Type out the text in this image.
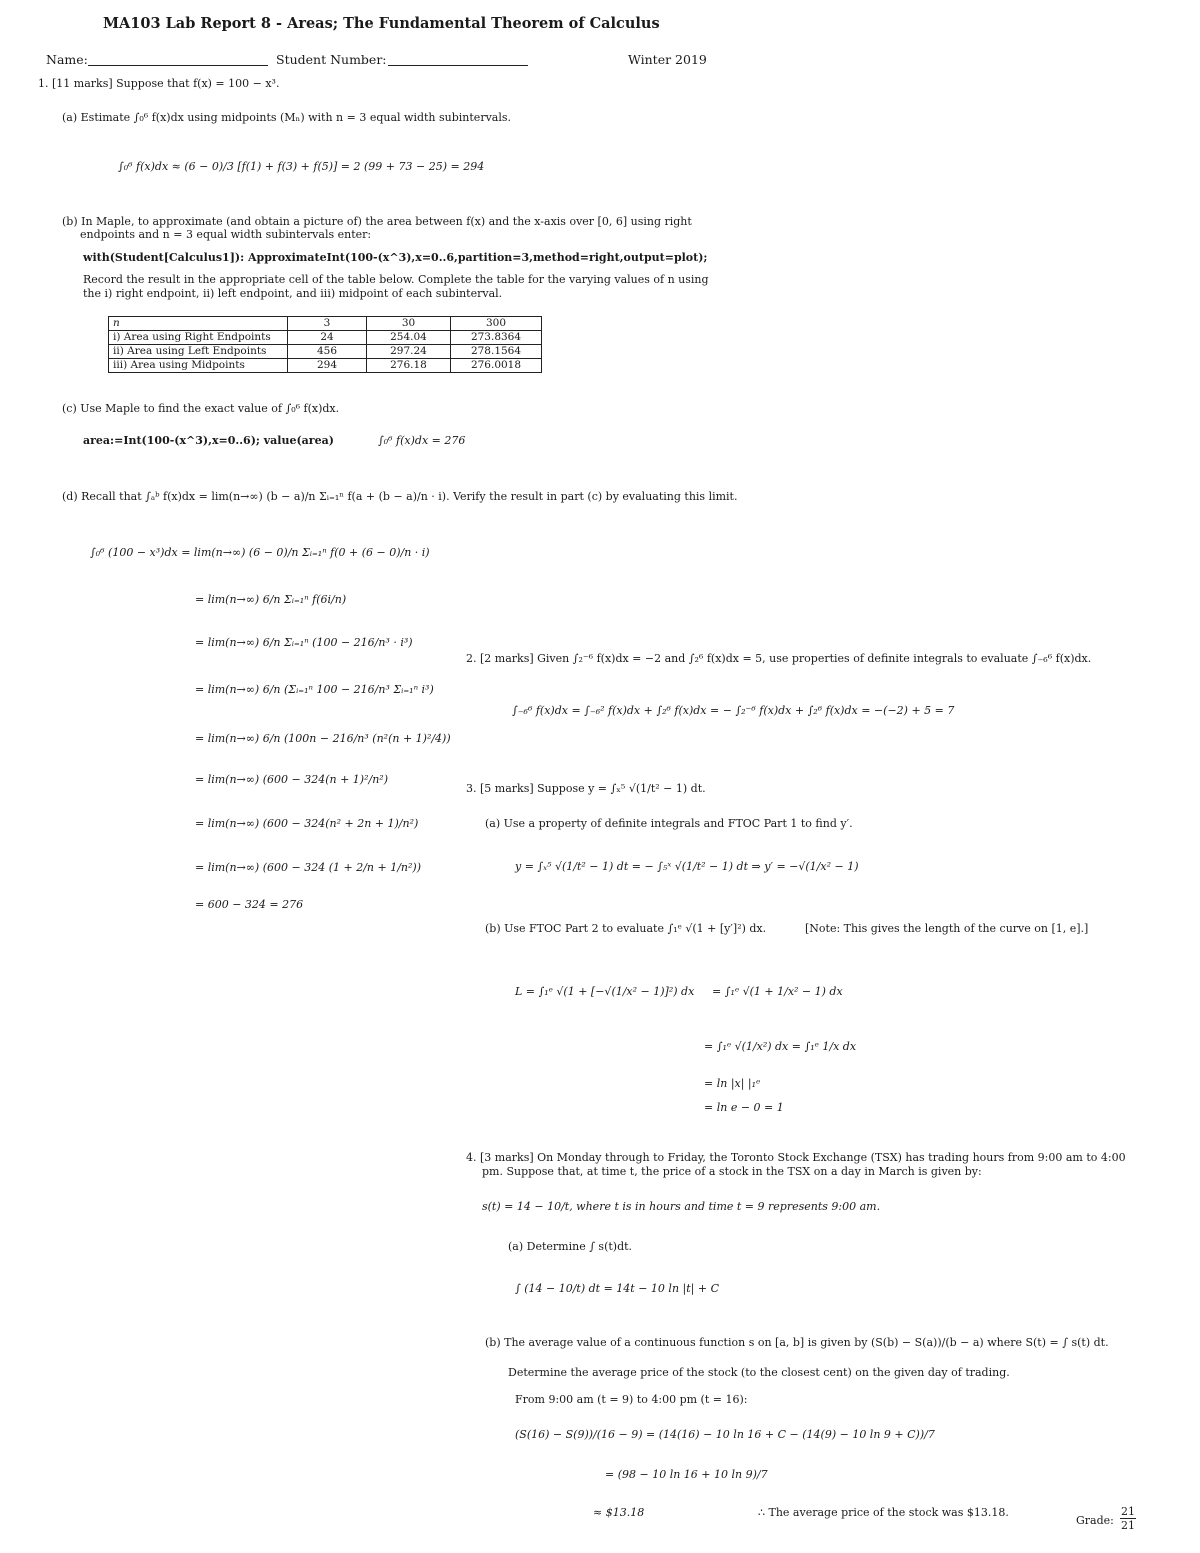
MA103 Lab Report 8 - Areas; The Fundamental Theorem of Calculus
Name:	Student Number:	Winter 2019
1. [11 marks] Suppose that f(x) = 100 − x³.
(a) Estimate ∫₀⁶ f(x)dx using midpoints (Mₙ) with n = 3 equal width subintervals.
∫₀⁶ f(x)dx ≈ (6 − 0)/3 [f(1) + f(3) + f(5)] = 2 (99 + 73 − 25) = 294
(b) In Maple, to approximate (and obtain a picture of) the area between f(x) and the x-axis over [0, 6] using right
endpoints and n = 3 equal width subintervals enter:
with(Student[Calculus1]): ApproximateInt(100-(x^3),x=0..6,partition=3,method=right,output=plot);
Record the result in the appropriate cell of the table below. Complete the table for the varying values of n using
the i) right endpoint, ii) left endpoint, and iii) midpoint of each subinterval.
n	3	30	300
i) Area using Right Endpoints	24	254.04	273.8364
ii) Area using Left Endpoints	456	297.24	278.1564
iii) Area using Midpoints	294	276.18	276.0018
(c) Use Maple to find the exact value of ∫₀⁶ f(x)dx.
area:=Int(100-(x^3),x=0..6); value(area)	∫₀⁶ f(x)dx = 276
(d) Recall that ∫ₐᵇ f(x)dx = lim(n→∞) (b − a)/n Σᵢ₌₁ⁿ f(a + (b − a)/n · i). Verify the result in part (c) by evaluating this limit.
∫₀⁶ (100 − x³)dx = lim(n→∞) (6 − 0)/n Σᵢ₌₁ⁿ f(0 + (6 − 0)/n · i)
= lim(n→∞) 6/n Σᵢ₌₁ⁿ f(6i/n)
= lim(n→∞) 6/n Σᵢ₌₁ⁿ (100 − 216/n³ · i³)
= lim(n→∞) 6/n (Σᵢ₌₁ⁿ 100 − 216/n³ Σᵢ₌₁ⁿ i³)
= lim(n→∞) 6/n (100n − 216/n³ (n²(n + 1)²/4))
= lim(n→∞) (600 − 324(n + 1)²/n²)
= lim(n→∞) (600 − 324(n² + 2n + 1)/n²)
= lim(n→∞) (600 − 324 (1 + 2/n + 1/n²))
= 600 − 324 = 276
2. [2 marks] Given ∫₂⁻⁶ f(x)dx = −2 and ∫₂⁶ f(x)dx = 5, use properties of definite integrals to evaluate ∫₋₆⁶ f(x)dx.
∫₋₆⁶ f(x)dx = ∫₋₆² f(x)dx + ∫₂⁶ f(x)dx = − ∫₂⁻⁶ f(x)dx + ∫₂⁶ f(x)dx = −(−2) + 5 = 7
3. [5 marks] Suppose y = ∫ₓ⁵ √(1/t² − 1) dt.
(a) Use a property of definite integrals and FTOC Part 1 to find y′.
y = ∫ₓ⁵ √(1/t² − 1) dt = − ∫₅ˣ √(1/t² − 1) dt ⇒ y′ = −√(1/x² − 1)
(b) Use FTOC Part 2 to evaluate ∫₁ᵉ √(1 + [y′]²) dx.	[Note: This gives the length of the curve on [1, e].]
L = ∫₁ᵉ √(1 + [−√(1/x² − 1)]²) dx = ∫₁ᵉ √(1 + 1/x² − 1) dx
= ∫₁ᵉ √(1/x²) dx = ∫₁ᵉ 1/x dx
= ln |x| |₁ᵉ
= ln e − 0 = 1
4. [3 marks] On Monday through to Friday, the Toronto Stock Exchange (TSX) has trading hours from 9:00 am to 4:00
pm. Suppose that, at time t, the price of a stock in the TSX on a day in March is given by:
s(t) = 14 − 10/t, where t is in hours and time t = 9 represents 9:00 am.
(a) Determine ∫ s(t)dt.
∫ (14 − 10/t) dt = 14t − 10 ln |t| + C
(b) The average value of a continuous function s on [a, b] is given by (S(b) − S(a))/(b − a) where S(t) = ∫ s(t) dt.
Determine the average price of the stock (to the closest cent) on the given day of trading.
From 9:00 am (t = 9) to 4:00 pm (t = 16):
(S(16) − S(9))/(16 − 9) = (14(16) − 10 ln 16 + C − (14(9) − 10 ln 9 + C))/7
= (98 − 10 ln 16 + 10 ln 9)/7
≈ $13.18	∴ The average price of the stock was $13.18.
Grade: $\frac{21}{21}$
